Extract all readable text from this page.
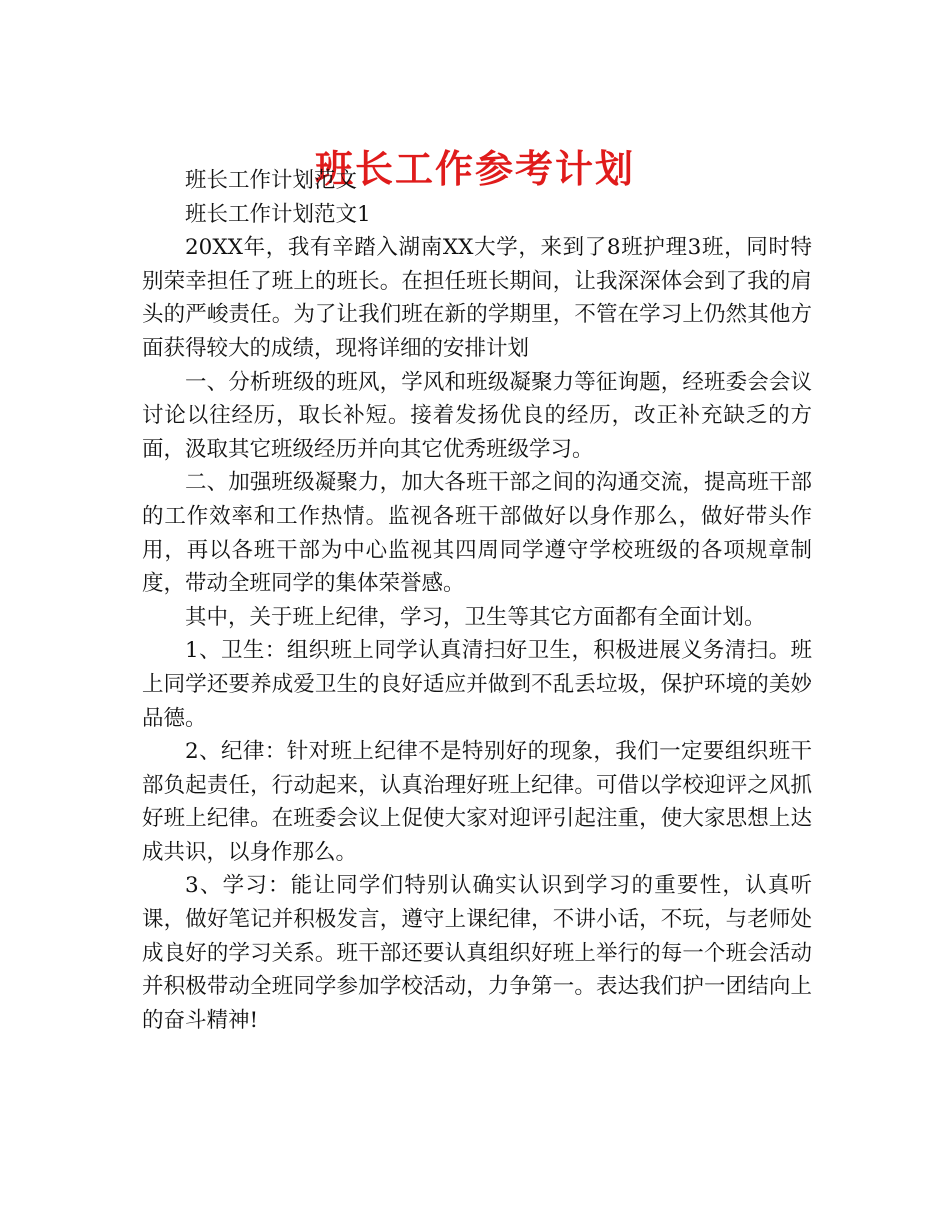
班长工作参考计划

班长工作计划范文

班长工作计划范文1

20XX年，我有辛踏入湖南XX大学，来到了8班护理3班，同时特别荣幸担任了班上的班长。在担任班长期间，让我深深体会到了我的肩头的严峻责任。为了让我们班在新的学期里，不管在学习上仍然其他方面获得较大的成绩，现将详细的安排计划

一、分析班级的班风，学风和班级凝聚力等征询题，经班委会会议讨论以往经历，取长补短。接着发扬优良的经历，改正补充缺乏的方面，汲取其它班级经历并向其它优秀班级学习。

二、加强班级凝聚力，加大各班干部之间的沟通交流，提高班干部的工作效率和工作热情。监视各班干部做好以身作那么，做好带头作用，再以各班干部为中心监视其四周同学遵守学校班级的各项规章制度，带动全班同学的集体荣誉感。

其中，关于班上纪律，学习，卫生等其它方面都有全面计划。

1、卫生：组织班上同学认真清扫好卫生，积极进展义务清扫。班上同学还要养成爱卫生的良好适应并做到不乱丢垃圾，保护环境的美妙品德。

2、纪律：针对班上纪律不是特别好的现象，我们一定要组织班干部负起责任，行动起来，认真治理好班上纪律。可借以学校迎评之风抓好班上纪律。在班委会议上促使大家对迎评引起注重，使大家思想上达成共识，以身作那么。

3、学习：能让同学们特别认确实认识到学习的重要性，认真听课，做好笔记并积极发言，遵守上课纪律，不讲小话，不玩，与老师处成良好的学习关系。班干部还要认真组织好班上举行的每一个班会活动并积极带动全班同学参加学校活动，力争第一。表达我们护一团结向上的奋斗精神!
